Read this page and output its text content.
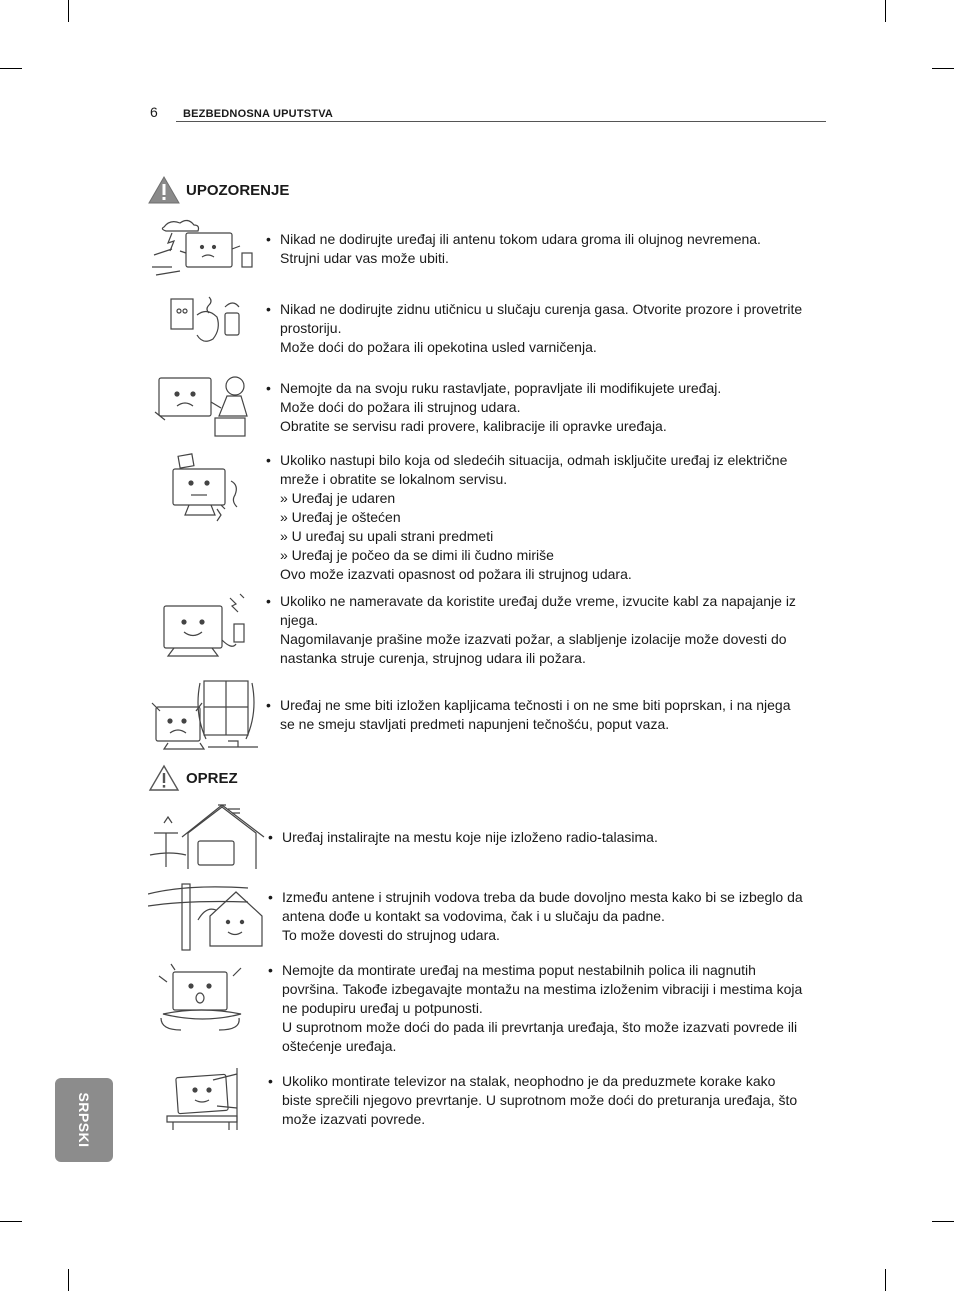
6 BEZBEDNOSNA UPUTSTVA
UPOZORENJE
• Nikad ne dodirujte uređaj ili antenu tokom udara groma ili olujnog nevremena.
Strujni udar vas može ubiti.
• Nikad ne dodirujte zidnu utičnicu u slučaju curenja gasa. Otvorite prozore i provetrite
prostoriju.
Može doći do požara ili opekotina usled varničenja.
• Nemojte da na svoju ruku rastavljate, popravljate ili modifikujete uređaj.
Može doći do požara ili strujnog udara.
Obratite se servisu radi provere, kalibracije ili opravke uređaja.
• Ukoliko nastupi bilo koja od sledećih situacija, odmah isključite uređaj iz električne
mreže i obratite se lokalnom servisu.
» Uređaj je udaren
» Uređaj je oštećen
» U uređaj su upali strani predmeti
» Uređaj je počeo da se dimi ili čudno miriše
Ovo može izazvati opasnost od požara ili strujnog udara.
• Ukoliko ne nameravate da koristite uređaj duže vreme, izvucite kabl za napajanje iz
njega.
Nagomilavanje prašine može izazvati požar, a slabljenje izolacije može dovesti do
nastanka struje curenja, strujnog udara ili požara.
• Uređaj ne sme biti izložen kapljicama tečnosti i on ne sme biti poprskan, i na njega
se ne smeju stavljati predmeti napunjeni tečnošću, poput vaza.
OPREZ
• Uređaj instalirajte na mestu koje nije izloženo radio-talasima.
• Između antene i strujnih vodova treba da bude dovoljno mesta kako bi se izbeglo da
antena dođe u kontakt sa vodovima, čak i u slučaju da padne.
To može dovesti do strujnog udara.
• Nemojte da montirate uređaj na mestima poput nestabilnih polica ili nagnutih
površina. Takođe izbegavajte montažu na mestima izloženim vibraciji i mestima koja
ne podupiru uređaj u potpunosti.
U suprotnom može doći do pada ili prevrtanja uređaja, što može izazvati povrede ili
oštećenje uređaja.
• Ukoliko montirate televizor na stalak, neophodno je da preduzmete korake kako
biste sprečili njegovo prevrtanje. U suprotnom može doći do preturanja uređaja, što
može izazvati povrede.
SRPSKI
